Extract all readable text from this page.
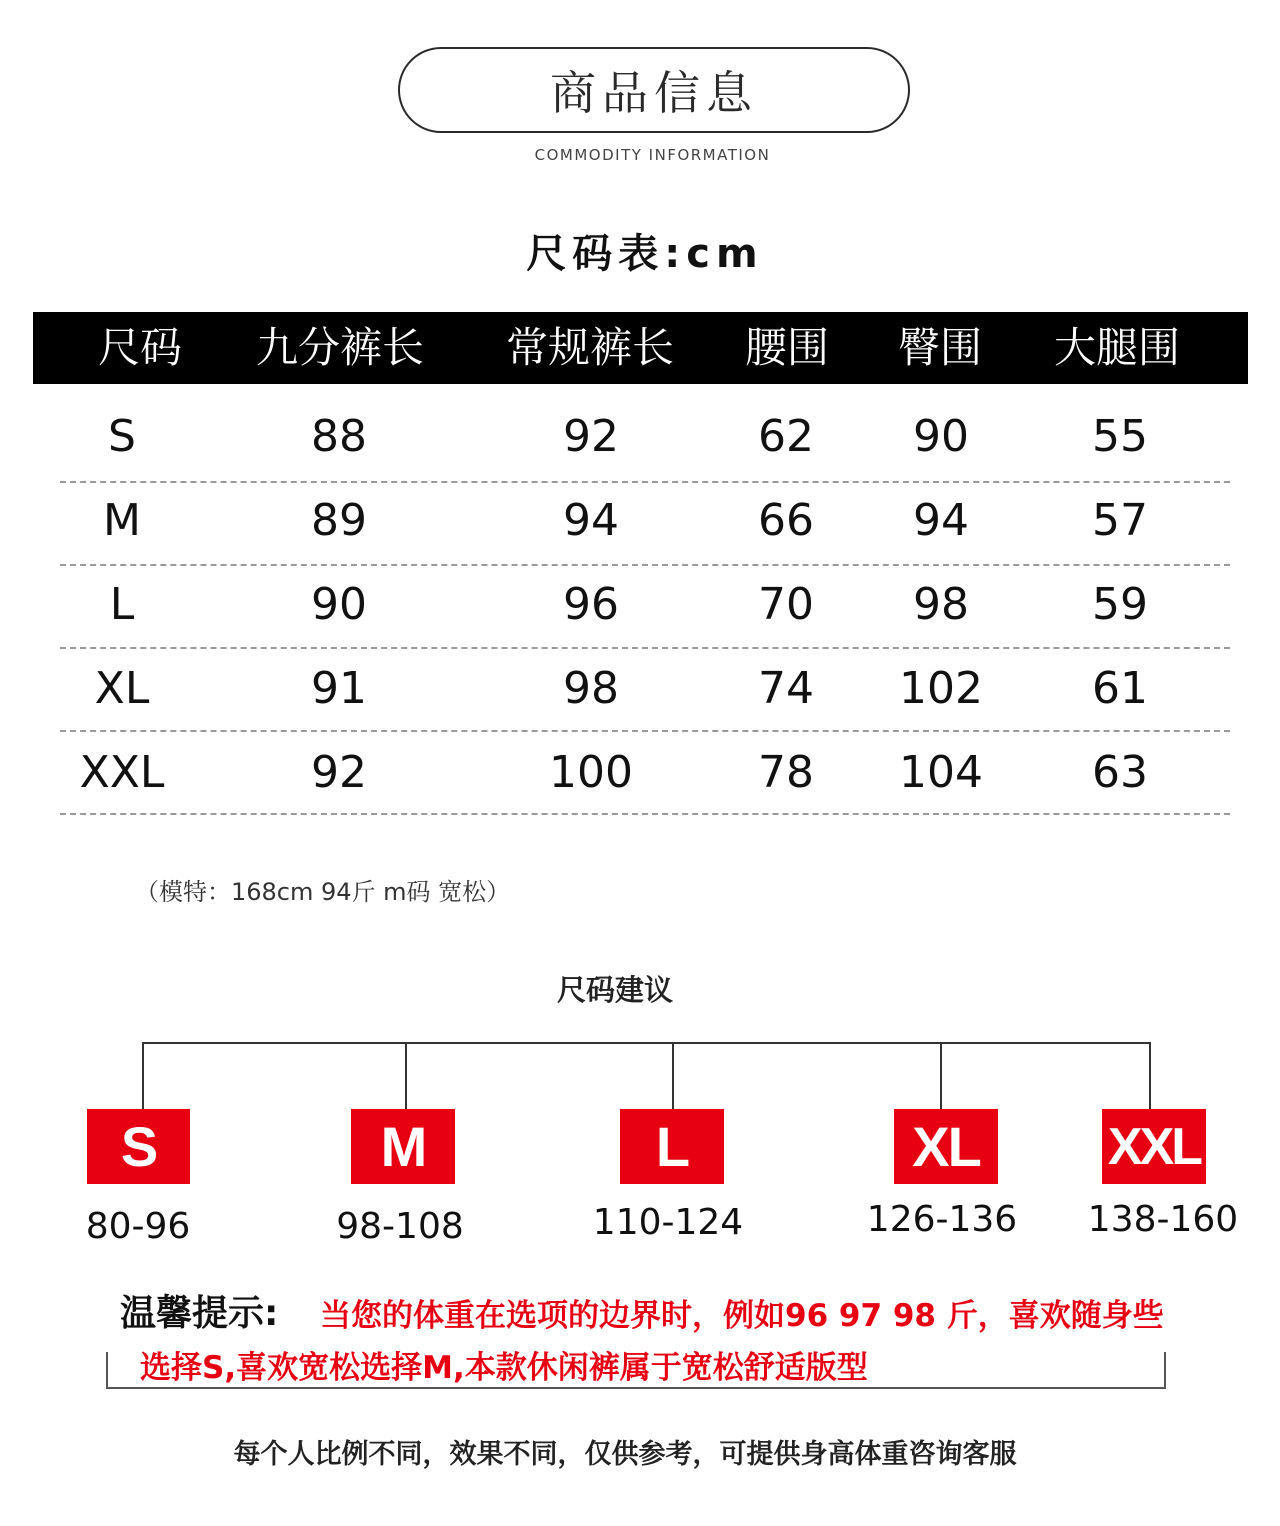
商品信息
COMMODITY INFORMATION
尺码表:cm
尺码 九分裤长 常规裤长 腰围 臀围 大腿围
S	88	92	62 90	55
M	89	94	66 94	57
L	90	96	70 98	59
XL	91	98	74 102 61
XXL	92	100	78 104 63
（模特：168cm 94斤 m码 宽松）
尺码建议
S	M	L	XL	XXL
80-96	98-108	110-124	126-136 138-160
温馨提示: 当您的体重在选项的边界时，例如96 97 98 斤，喜欢随身些
选择S,喜欢宽松选择M,本款休闲裤属于宽松舒适版型
每个人比例不同，效果不同，仅供参考，可提供身高体重咨询客服
